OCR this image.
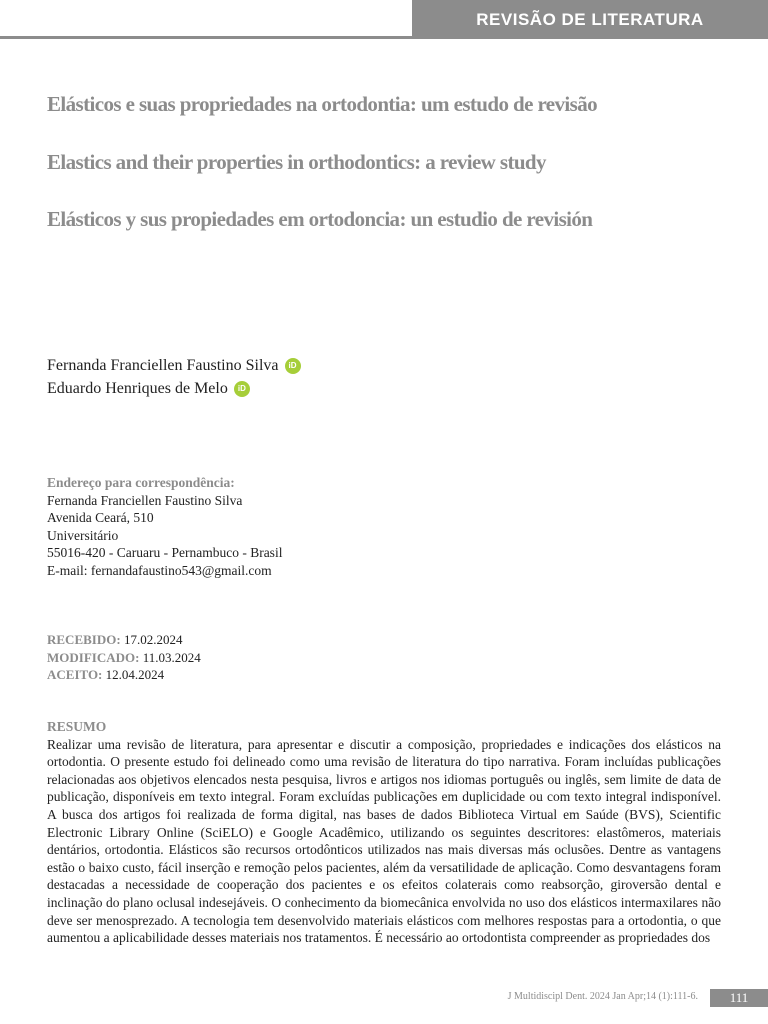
REVISÃO DE LITERATURA
Elásticos e suas propriedades na ortodontia: um estudo de revisão
Elastics and their properties in orthodontics: a review study
Elásticos y sus propiedades em ortodoncia: un estudio de revisión
Fernanda Franciellen Faustino Silva	iD
Eduardo Henriques de Melo	iD
Endereço para correspondência:
Fernanda Franciellen Faustino Silva
Avenida Ceará, 510
Universitário
55016-420 - Caruaru - Pernambuco - Brasil
E-mail: fernandafaustino543@gmail.com
RECEBIDO: 17.02.2024
MODIFICADO: 11.03.2024
ACEITO: 12.04.2024
RESUMO
Realizar uma revisão de literatura, para apresentar e discutir a composição, propriedades e indicações dos elásticos na ortodontia. O presente estudo foi delineado como uma revisão de literatura do tipo narrativa. Foram incluídas publicações relacionadas aos objetivos elencados nesta pesquisa, livros e artigos nos idiomas português ou inglês, sem limite de data de publicação, disponíveis em texto integral. Foram excluídas publicações em duplicidade ou com texto integral indisponível. A busca dos artigos foi realizada de forma digital, nas bases de dados Biblioteca Virtual em Saúde (BVS), Scientific Electronic Library Online (SciELO) e Google Acadêmico, utilizando os seguintes descritores: elastômeros, materiais dentários, ortodontia. Elásticos são recursos ortodônticos utilizados nas mais diversas más oclusões. Dentre as vantagens estão o baixo custo, fácil inserção e remoção pelos pacientes, além da versatilidade de aplicação. Como desvantagens foram destacadas a necessidade de cooperação dos pacientes e os efeitos colaterais como reabsorção, giroversão dental e inclinação do plano oclusal indesejáveis. O conhecimento da biomecânica envolvida no uso dos elásticos intermaxilares não deve ser menosprezado. A tecnologia tem desenvolvido materiais elásticos com melhores respostas para a ortodontia, o que aumentou a aplicabilidade desses materiais nos tratamentos. É necessário ao ortodontista compreender as propriedades dos
J Multidiscipl Dent. 2024 Jan Apr;14 (1):111-6.	111
